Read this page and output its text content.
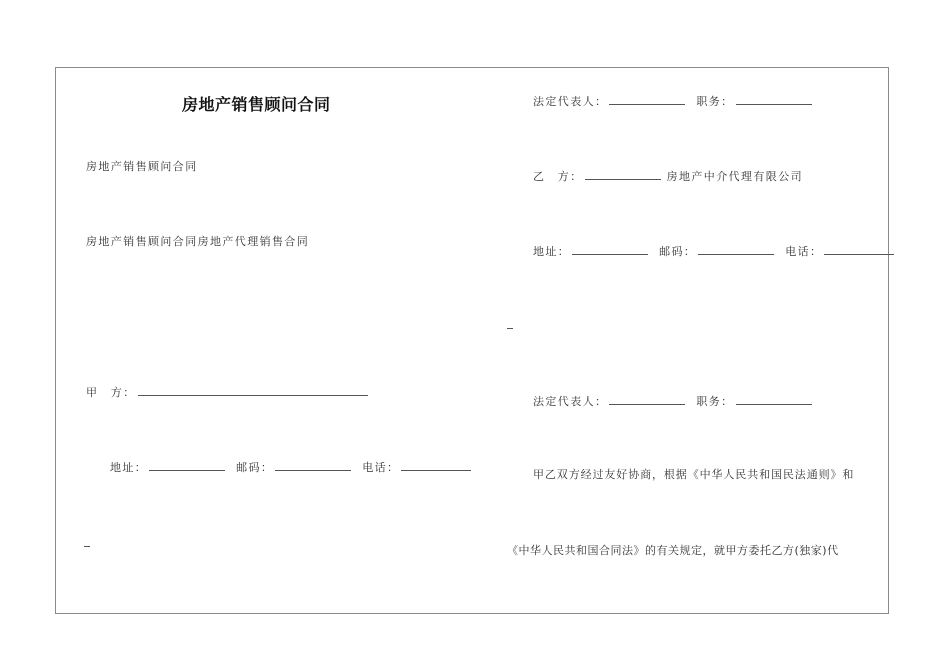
房地产销售顾问合同
房地产销售顾问合同
房地产销售顾问合同房地产代理销售合同
甲　方：
地址：	邮码：	电话：
法定代表人：	职务：
乙　方：	房地产中介代理有限公司
地址：	邮码：	电话：
法定代表人：	职务：
甲乙双方经过友好协商，根据《中华人民共和国民法通则》和
《中华人民共和国合同法》的有关规定，就甲方委托乙方(独家)代
